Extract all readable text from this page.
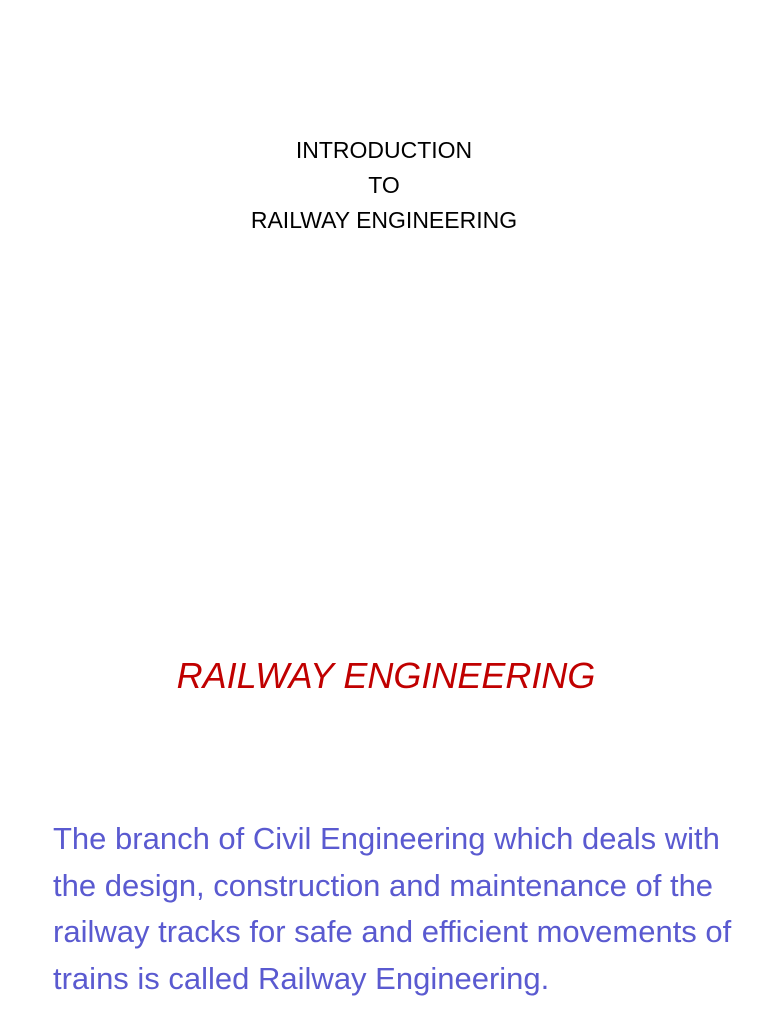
INTRODUCTION
TO
RAILWAY ENGINEERING
RAILWAY ENGINEERING

The branch of Civil Engineering which deals with the design, construction and maintenance of the railway tracks for safe and efficient movements of trains is called Railway Engineering.
